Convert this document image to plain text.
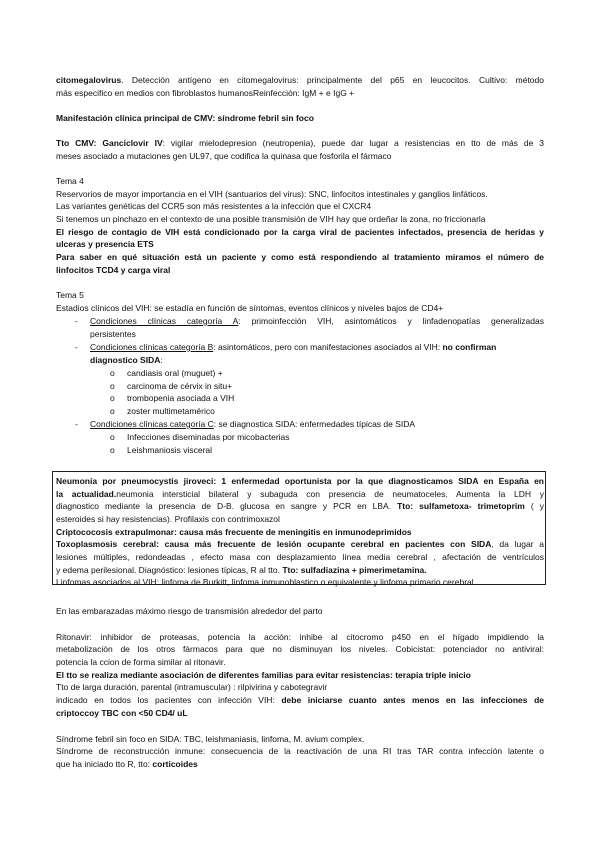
citomegalovirus. Detección antígeno en citomegalovirus: principalmente del p65 en leucocitos. Cultivo: método
más especifico en medios con fibroblastos humanosReinfección: IgM + e IgG +
Manifestación clínica principal de CMV: síndrome febril sin foco
Tto CMV: Ganciclovir IV: vigilar mielodepresion (neutropenia), puede dar lugar a resistencias en tto de más de 3
meses asociado a mutaciones gen UL97, que codifica la quinasa que fosforila el fármaco
Tema 4
Reservorios de mayor importancia en el VIH (santuarios del virus): SNC, linfocitos intestinales y ganglios linfáticos.
Las variantes genéticas del CCR5 son más resistentes a la infección que el CXCR4
Si tenemos un pinchazo en el contexto de una posible transmisión de VIH hay que ordeñar la zona, no friccionarla
El riesgo de contagio de VIH está condicionado por la carga viral de pacientes infectados, presencia de heridas y
ulceras y presencia ETS
Para saber en qué situación está un paciente y como está respondiendo al tratamiento miramos el número de
linfocitos TCD4 y carga viral
Tema 5
Estadios clínicos del VIH: se estadía en función de síntomas, eventos clínicos y niveles bajos de CD4+
- Condiciones clínicas categoría A: primoinfección VIH, asintomáticos y linfadenopatías generalizadas
persistentes
- Condiciones clínicas categoría B: asintomáticos, pero con manifestaciones asociados al VIH: no confirman
diagnostico SIDA:
o candiasis oral (muguet) +
o carcinoma de cérvix in situ+
o trombopenia asociada a VIH
o zoster multimetamérico
- Condiciones clínicas categoría C: se diagnostica SIDA: enfermedades típicas de SIDA
o Infecciones diseminadas por micobacterias
o Leishmaniosis visceral
Neumonía por pneumocystis jiroveci: 1 enfermedad oportunista por la que diagnosticamos SIDA en España en
la actualidad.neumonia intersticial bilateral y subaguda con presencia de neumatoceles. Aumenta la LDH y
diagnostico mediante la presencia de D-B. glucosa en sangre y PCR en LBA. Tto: sulfametoxa- trimetoprim ( y
esteroides si hay resistencias). Profilaxis con contrimoxazol
Criptococosis extrapulmonar: causa más frecuente de meningitis en inmunodeprimidos
Toxoplasmosis cerebral: causa más frecuente de lesión ocupante cerebral en pacientes con SIDA, da lugar a
lesiones múltiples, redondeadas , efecto masa con desplazamiento línea media cerebral , afectación de ventrículos
y edema perilesional. Diagnóstico: lesiones típicas, R al tto. Tto: sulfadiazina + pimerimetamina.
Linfomas asociados al VIH: linfoma de Burkitt, linfoma inmunoblastico o equivalente y linfoma primario cerebral
En las embarazadas máximo riesgo de transmisión alrededor del parto
Ritonavir: inhibidor de proteasas, potencia la acción: inhibe al citocromo p450 en el hígado impidiendo la
metabolización de los otros fármacos para que no disminuyan los niveles. Cobicistat: potenciador no antiviral:
potencia la ccion de forma similar al ritonavir.
El tto se realiza mediante asociación de diferentes familias para evitar resistencias: terapia triple inicio
Tto de larga duración, parental (intramuscular) : rilpivirina y cabotegravir
indicado en todos los pacientes con infección VIH: debe iniciarse cuanto antes menos en las infecciones de
criptoccoy TBC con <50 CD4/ uL
Síndrome febril sin foco en SIDA: TBC, leishmaniasis, linfoma, M. avium complex.
Síndrome de reconstrucción inmune: consecuencia de la reactivación de una RI tras TAR contra infección latente o
que ha iniciado tto R, tto: corticoides
